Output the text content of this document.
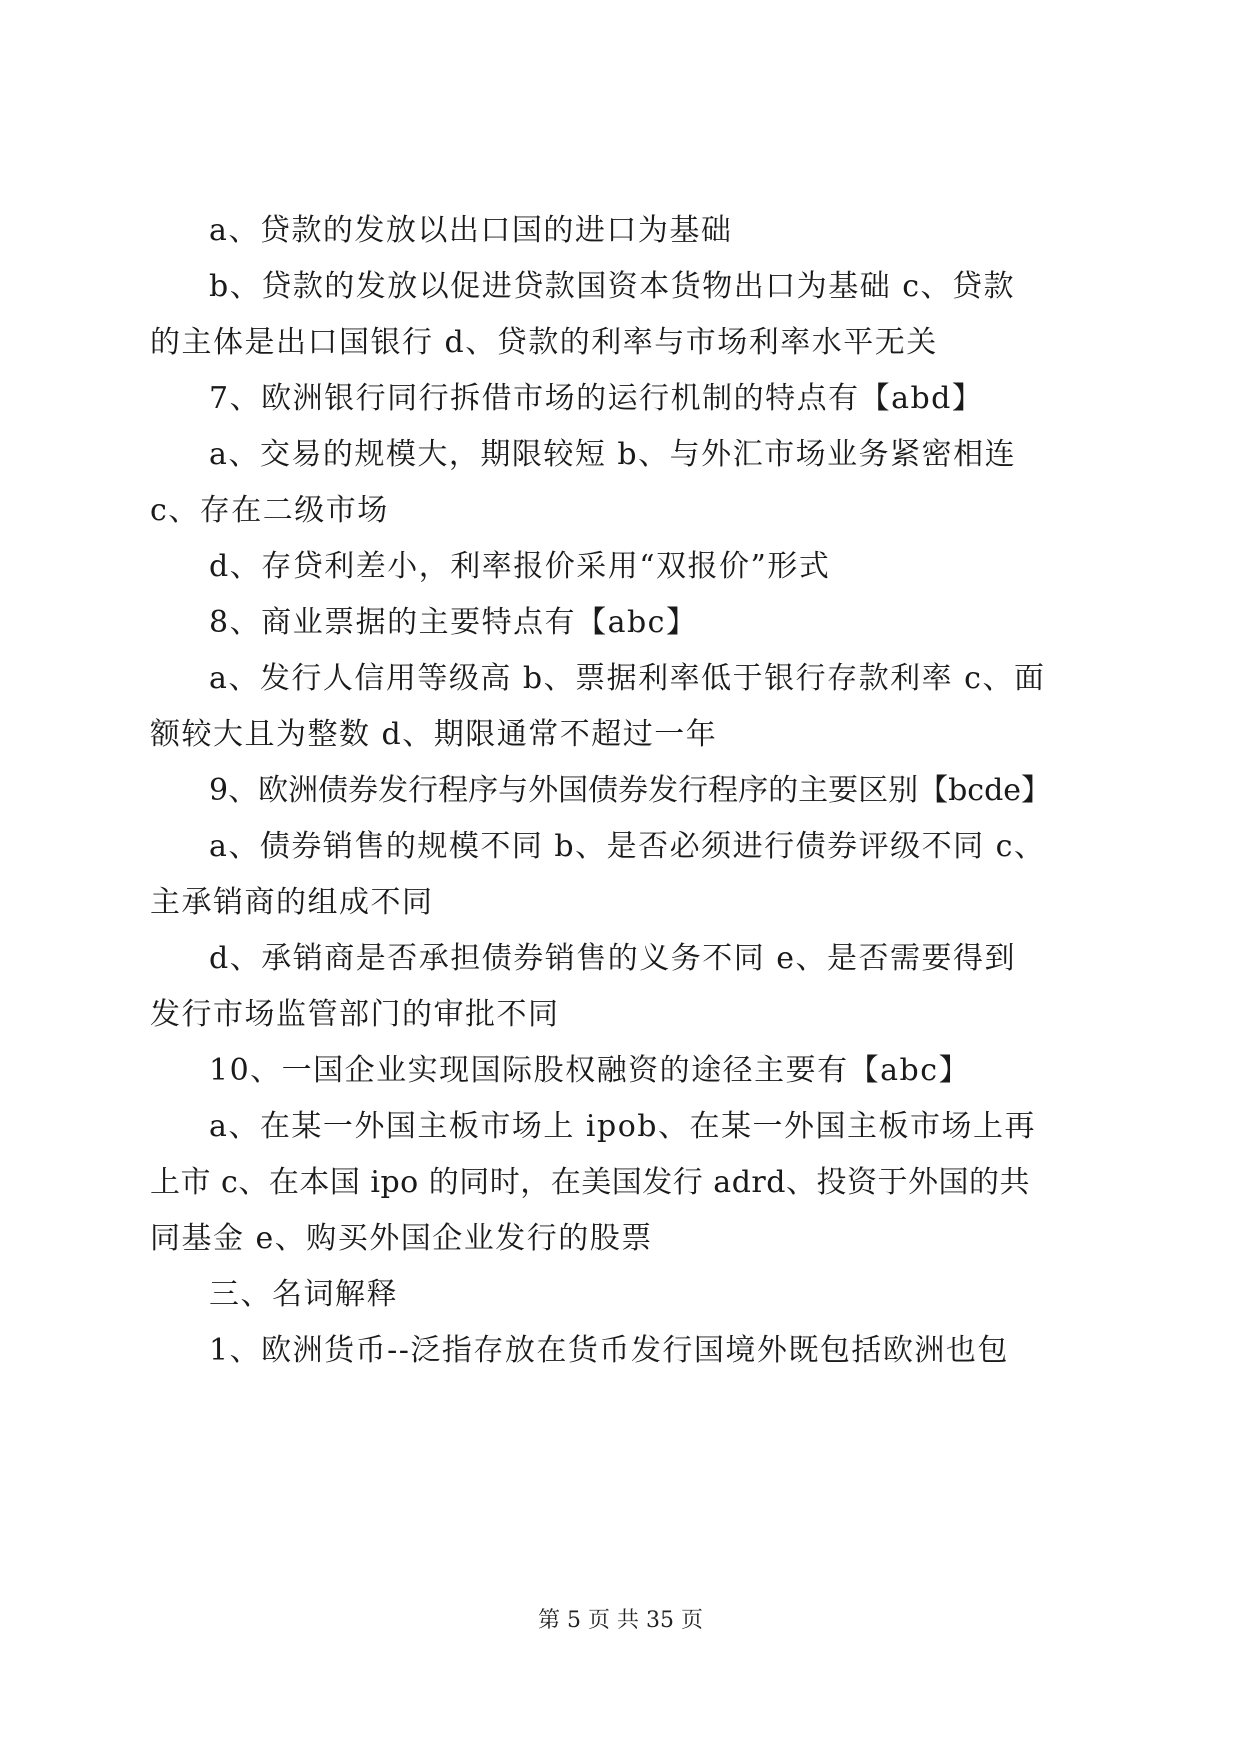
a、贷款的发放以出口国的进口为基础
b、贷款的发放以促进贷款国资本货物出口为基础 c、贷款
的主体是出口国银行 d、贷款的利率与市场利率水平无关
7、欧洲银行同行拆借市场的运行机制的特点有【abd】
a、交易的规模大，期限较短 b、与外汇市场业务紧密相连
c、存在二级市场
d、存贷利差小，利率报价采用“双报价”形式
8、商业票据的主要特点有【abc】
a、发行人信用等级高 b、票据利率低于银行存款利率 c、面
额较大且为整数 d、期限通常不超过一年
9、欧洲债券发行程序与外国债券发行程序的主要区别【bcde】
a、债券销售的规模不同 b、是否必须进行债券评级不同 c、
主承销商的组成不同
d、承销商是否承担债券销售的义务不同 e、是否需要得到
发行市场监管部门的审批不同
10、一国企业实现国际股权融资的途径主要有【abc】
a、在某一外国主板市场上 ipob、在某一外国主板市场上再
上市 c、在本国 ipo 的同时，在美国发行 adrd、投资于外国的共
同基金 e、购买外国企业发行的股票
三、名词解释
1、欧洲货币--泛指存放在货币发行国境外既包括欧洲也包
第 5 页 共 35 页
